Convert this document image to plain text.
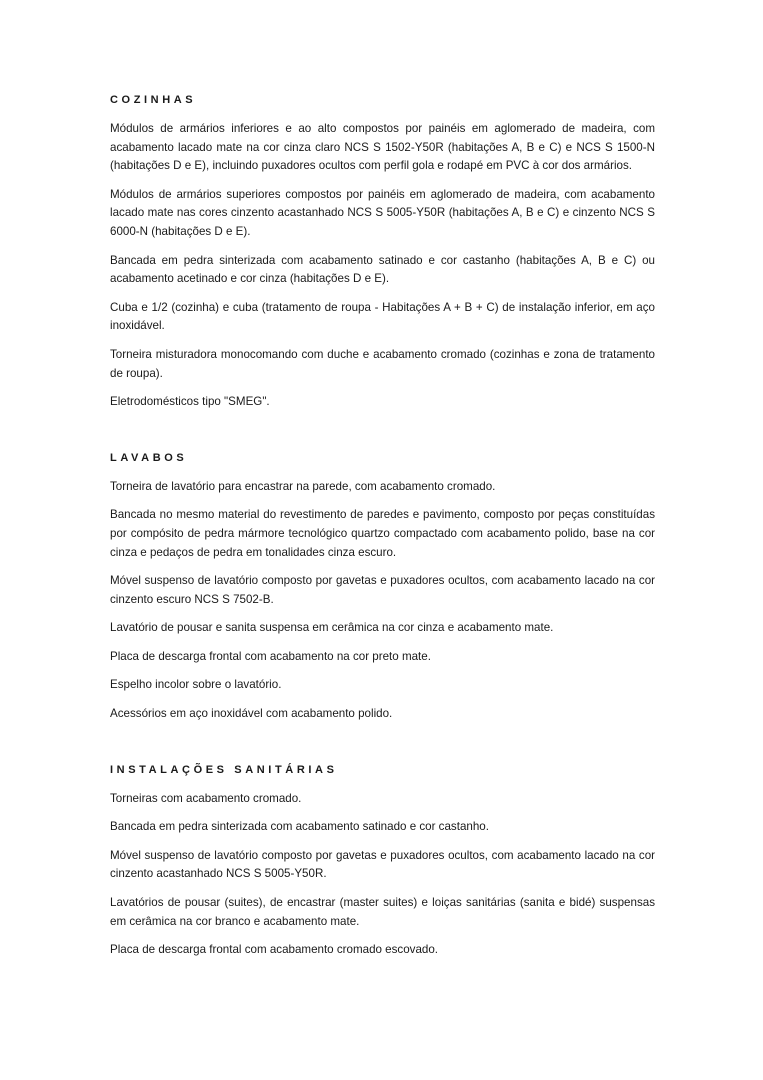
COZINHAS

Módulos de armários inferiores e ao alto compostos por painéis em aglomerado de madeira, com acabamento lacado mate na cor cinza claro NCS S 1502-Y50R (habitações A, B e C) e NCS S 1500-N (habitações D e E), incluindo puxadores ocultos com perfil gola e rodapé em PVC à cor dos armários.

Módulos de armários superiores compostos por painéis em aglomerado de madeira, com acabamento lacado mate nas cores cinzento acastanhado NCS S 5005-Y50R (habitações A, B e C) e cinzento NCS S 6000-N (habitações D e E).

Bancada em pedra sinterizada com acabamento satinado e cor castanho (habitações A, B e C) ou acabamento acetinado e cor cinza (habitações D e E).

Cuba e 1/2 (cozinha) e cuba (tratamento de roupa - Habitações A + B + C) de instalação inferior, em aço inoxidável.

Torneira misturadora monocomando com duche e acabamento cromado (cozinhas e zona de tratamento de roupa).

Eletrodomésticos tipo "SMEG".

LAVABOS

Torneira de lavatório para encastrar na parede, com acabamento cromado.

Bancada no mesmo material do revestimento de paredes e pavimento, composto por peças constituídas por compósito de pedra mármore tecnológico quartzo compactado com acabamento polido, base na cor cinza e pedaços de pedra em tonalidades cinza escuro.

Móvel suspenso de lavatório composto por gavetas e puxadores ocultos, com acabamento lacado na cor cinzento escuro NCS S 7502-B.

Lavatório de pousar e sanita suspensa em cerâmica na cor cinza e acabamento mate.

Placa de descarga frontal com acabamento na cor preto mate.

Espelho incolor sobre o lavatório.

Acessórios em aço inoxidável com acabamento polido.

INSTALAÇÕES SANITÁRIAS

Torneiras com acabamento cromado.

Bancada em pedra sinterizada com acabamento satinado e cor castanho.

Móvel suspenso de lavatório composto por gavetas e puxadores ocultos, com acabamento lacado na cor cinzento acastanhado NCS S 5005-Y50R.

Lavatórios de pousar (suites), de encastrar (master suites) e loiças sanitárias (sanita e bidé) suspensas em cerâmica na cor branco e acabamento mate.

Placa de descarga frontal com acabamento cromado escovado.
